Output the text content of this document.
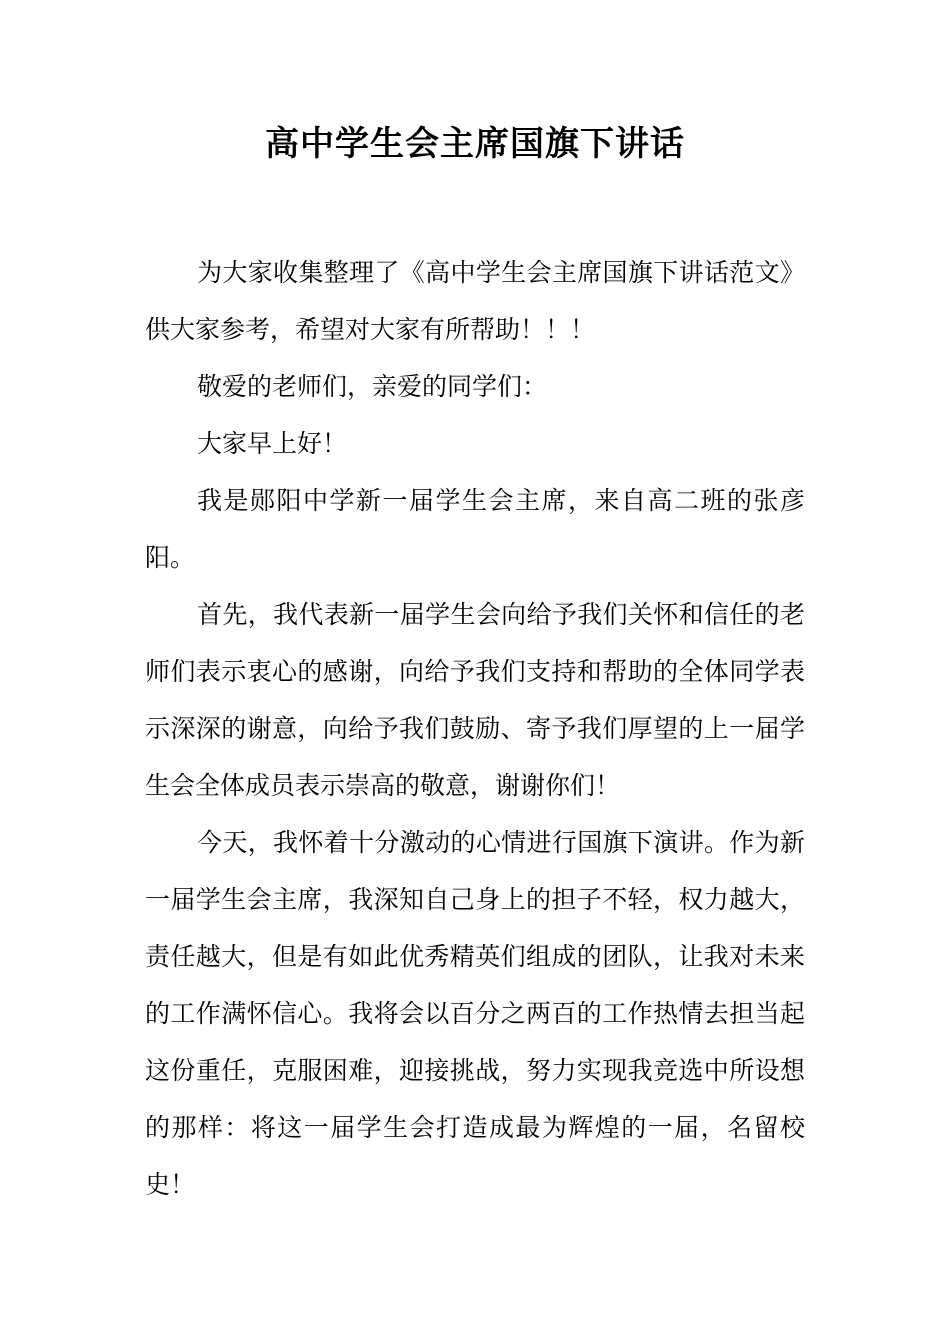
高中学生会主席国旗下讲话

为大家收集整理了《高中学生会主席国旗下讲话范文》供大家参考，希望对大家有所帮助！！！

敬爱的老师们，亲爱的同学们：

大家早上好！

我是郧阳中学新一届学生会主席，来自高二班的张彦阳。

首先，我代表新一届学生会向给予我们关怀和信任的老师们表示衷心的感谢，向给予我们支持和帮助的全体同学表示深深的谢意，向给予我们鼓励、寄予我们厚望的上一届学生会全体成员表示崇高的敬意，谢谢你们！

今天，我怀着十分激动的心情进行国旗下演讲。作为新一届学生会主席，我深知自己身上的担子不轻，权力越大，责任越大，但是有如此优秀精英们组成的团队，让我对未来的工作满怀信心。我将会以百分之两百的工作热情去担当起这份重任，克服困难，迎接挑战，努力实现我竞选中所设想的那样：将这一届学生会打造成最为辉煌的一届，名留校史！
